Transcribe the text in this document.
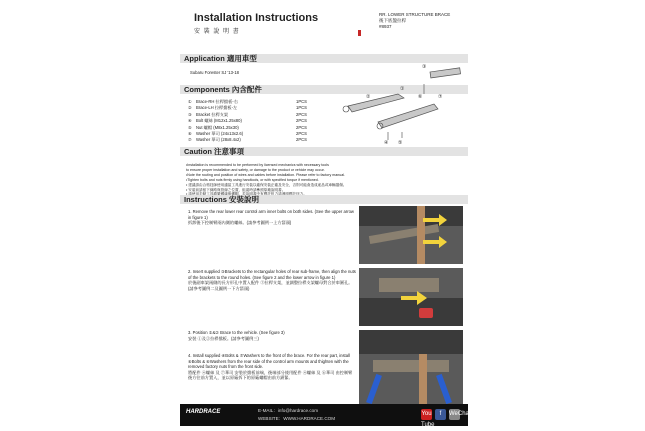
Installation Instructions
安 裝 說 明 書
RR. LOWER STRUCTURE BRACE
後下底盤拉桿
#8937
Application 適用車型
Subaru Forester SJ '13-18
Components 內含配件
①	Brace-RH 拉桿擋板-右	1PCS
②	Brace-LH 拉桿擋板-左	1PCS
③	Bracket 拉桿支架	2PCS
④	Bolt 螺絲 (M12x1.25x80)	2PCS
⑤	Nut 螺帽 (M8x1.25x30)	2PCS
⑥	Washer 華司 (24x13x2.6)	2PCS
⑦	Washer 華司 (28x8.4x2)	2PCS
①
②
③
④ ⑤
⑥	⑦
Caution 注意事項
•Installation is recommended to be performed by licensed mechanics with necessary tools
to ensure proper installation and safety, or damage to the product or vehicle may occur.
•Note the routing and position of wires and cables before installation. Please refer to factory manual.
•Tighten bolts and nuts firmly using handtools, or with specified torque if mentioned.
• 建議請由合格技師使用適當工具進行安裝以確保安裝正確及安全，否則可能會造成產品或車輛損傷。
• 安裝前請留下線路與管線之位置，組裝時請參照原廠說明書。
Instructions 安裝說明
1. Remove the rear lower rear control arm inner bolts on both sides. (See the upper arrow in figure 1)
拆卸後下控制臂兩內側的螺絲。(請參考圖例一上方箭頭)
2. Insert supplied ③Brackets to the rectangular holes of rear sub-frame, then align the nuts of the brackets to the round holes. (See figure 2 and the lower arrow in figure 1)
於後副車架兩側的長方形孔中置入配件 ③拉桿支架，並調整拉桿支架螺母對合於車圓孔。(請參考圖例二及圖例一下方箭頭)
3. Position ①&② Brace to the vehicle. (See figure 3)
安裝 ①及②拉桿擋板。(請參考圖例三)
4. Install supplied ④Bolts & ⑦Washers to the front of the brace. For the rear part, install ⑥Bolts & ⑥Washers from the rear side of the control arm mounts and thighten with the removed factory nuts from the front side.
將配件 ④螺絲 及 ⑦華司 安裝於擋板前端，後端部分使用配件 ④螺絲 及 ⑥華司 由控制臂後方往前方置入，並以原廠拆下的原廠螺帽由前方鎖緊。
HARDRACE	E-MAIL：info@hardrace.com
WEBSITE：WWW.HARDRACE.COM
You Tube
f	WeChat
